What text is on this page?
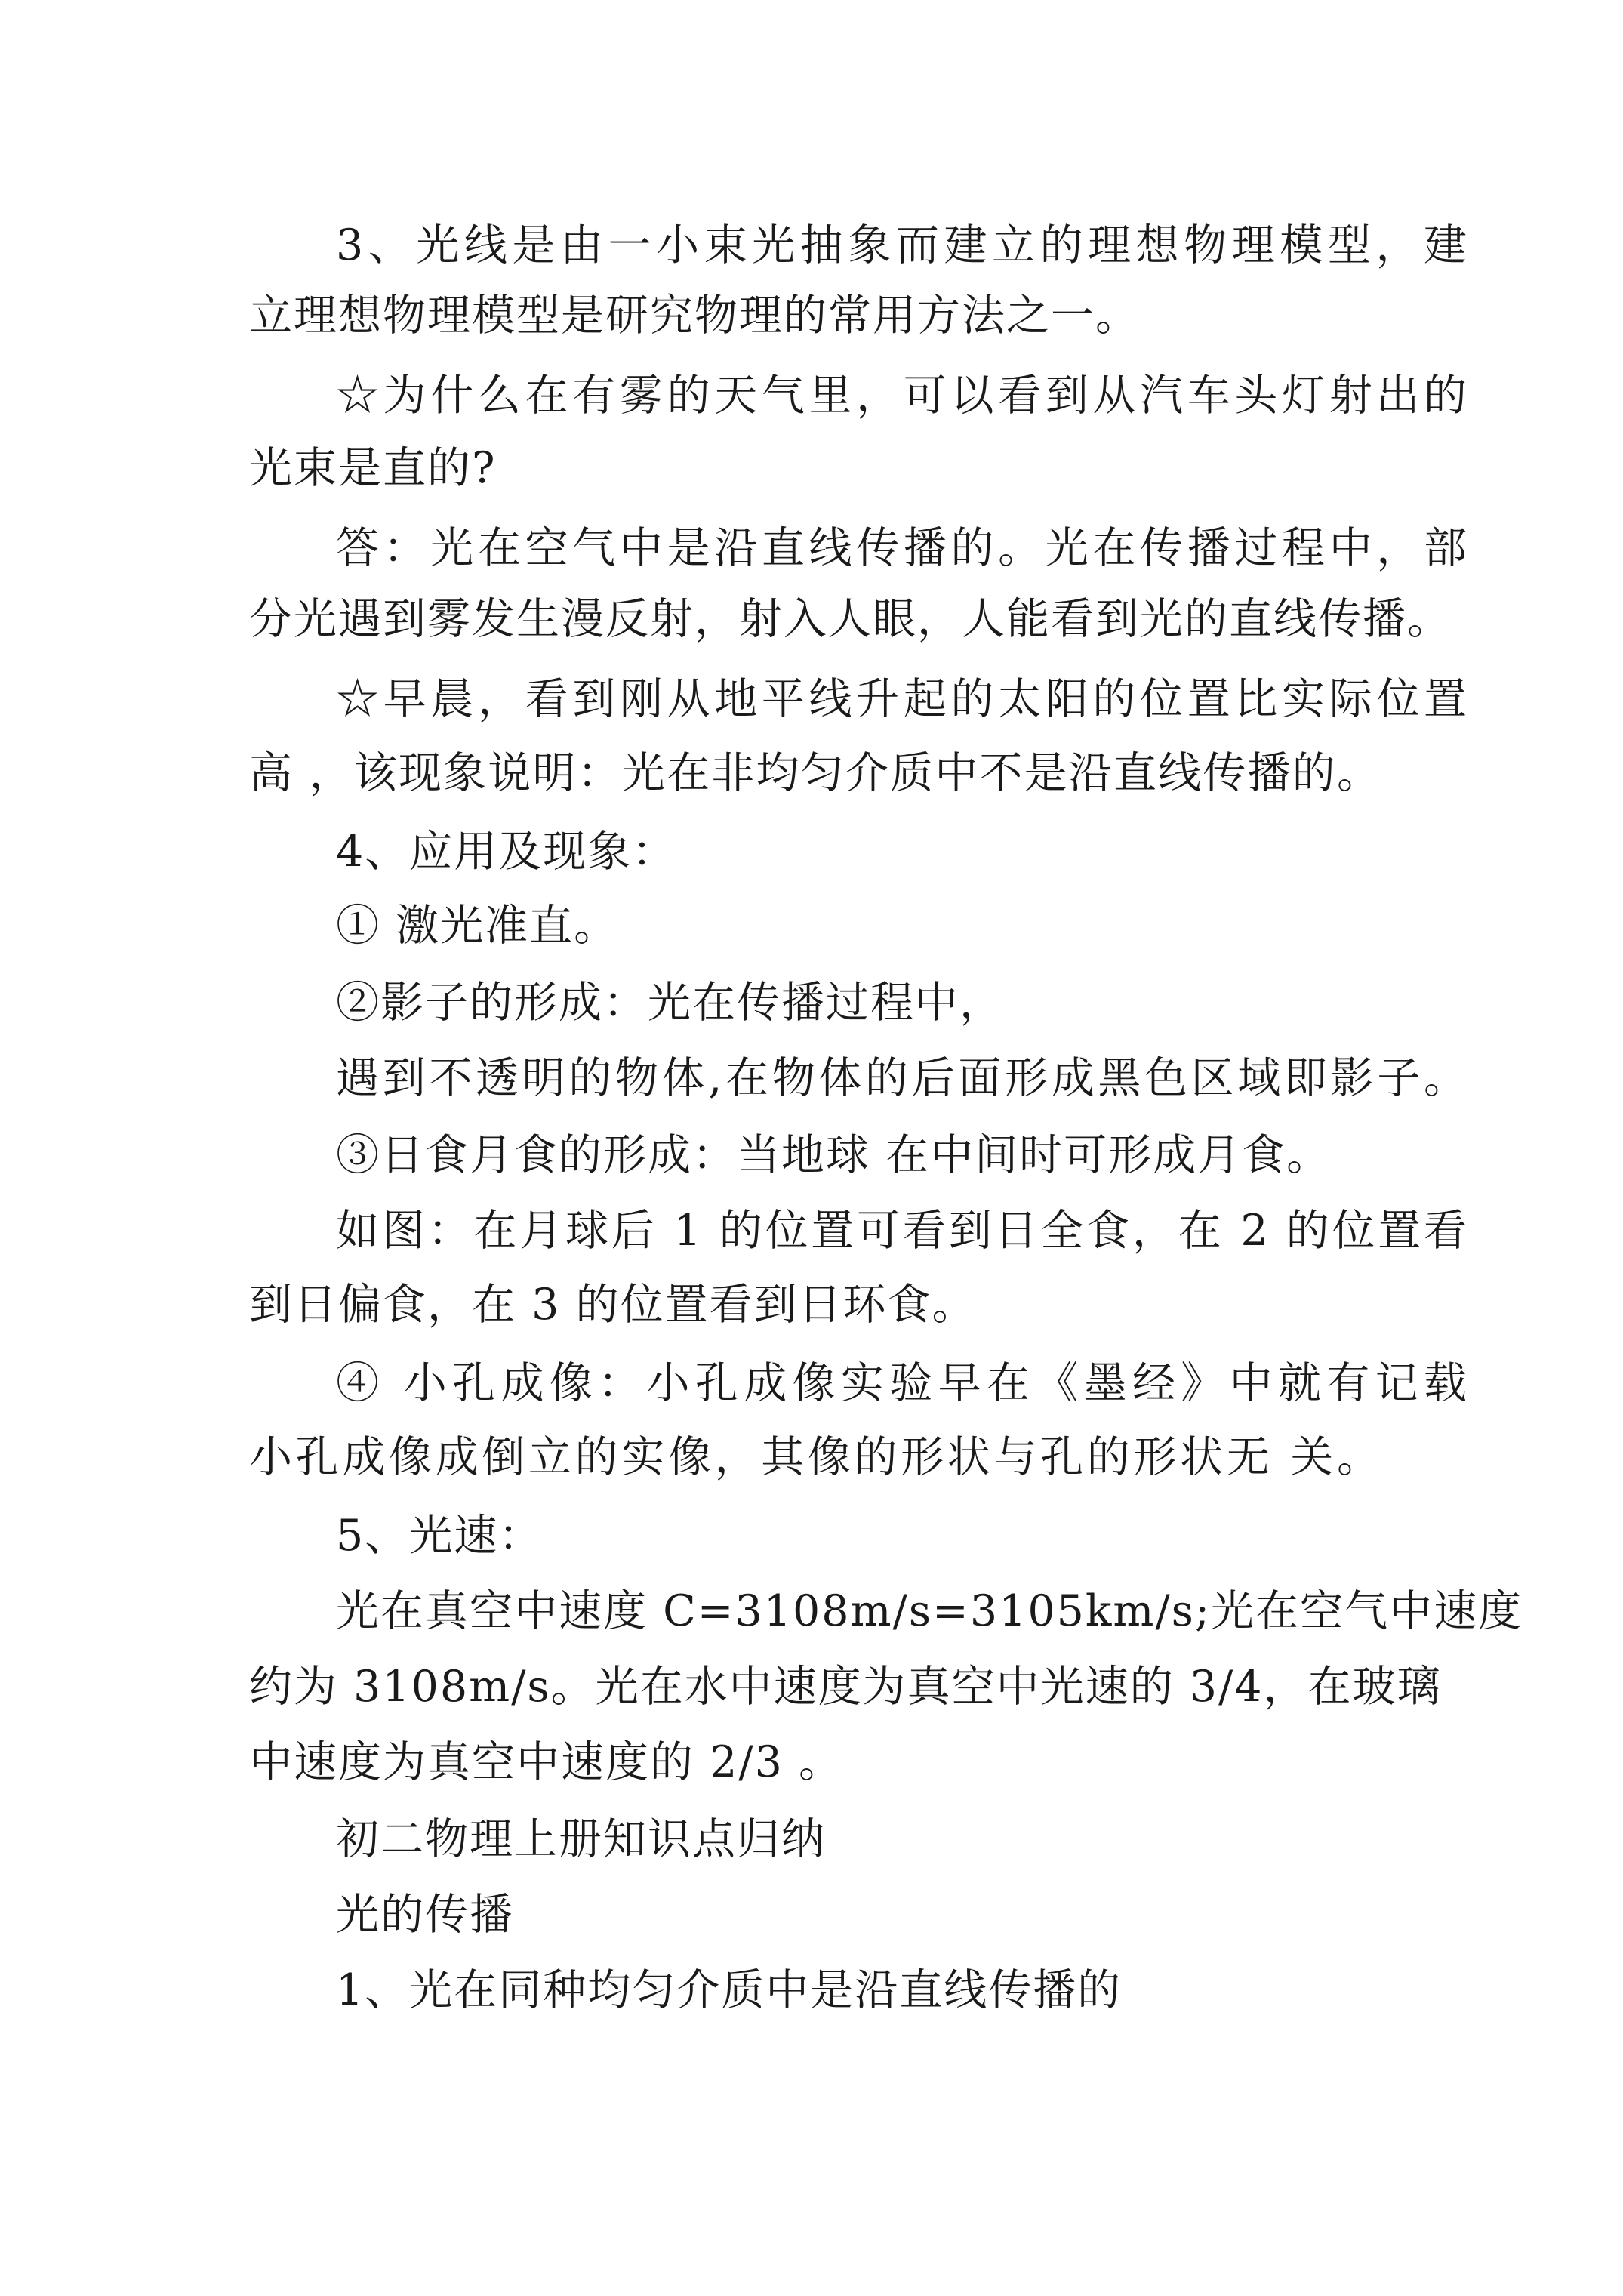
3、光线是由一小束光抽象而建立的理想物理模型，建
立理想物理模型是研究物理的常用方法之一。
☆为什么在有雾的天气里，可以看到从汽车头灯射出的
光束是直的?
答：光在空气中是沿直线传播的。光在传播过程中，部
分光遇到雾发生漫反射，射入人眼，人能看到光的直线传播。
☆早晨，看到刚从地平线升起的太阳的位置比实际位置
高 ，该现象说明：光在非均匀介质中不是沿直线传播的。
4、应用及现象：
① 激光准直。
②影子的形成：光在传播过程中，
遇到不透明的物体,在物体的后面形成黑色区域即影子。
③日食月食的形成：当地球 在中间时可形成月食。
如图：在月球后 1 的位置可看到日全食，在 2 的位置看
到日偏食，在 3 的位置看到日环食。
④ 小孔成像：小孔成像实验早在《墨经》中就有记载
小孔成像成倒立的实像，其像的形状与孔的形状无 关。
5、光速：
光在真空中速度 C=3108m/s=3105km/s;光在空气中速度
约为 3108m/s。光在水中速度为真空中光速的 3/4，在玻璃
中速度为真空中速度的 2/3 。
初二物理上册知识点归纳
光的传播
1、光在同种均匀介质中是沿直线传播的
